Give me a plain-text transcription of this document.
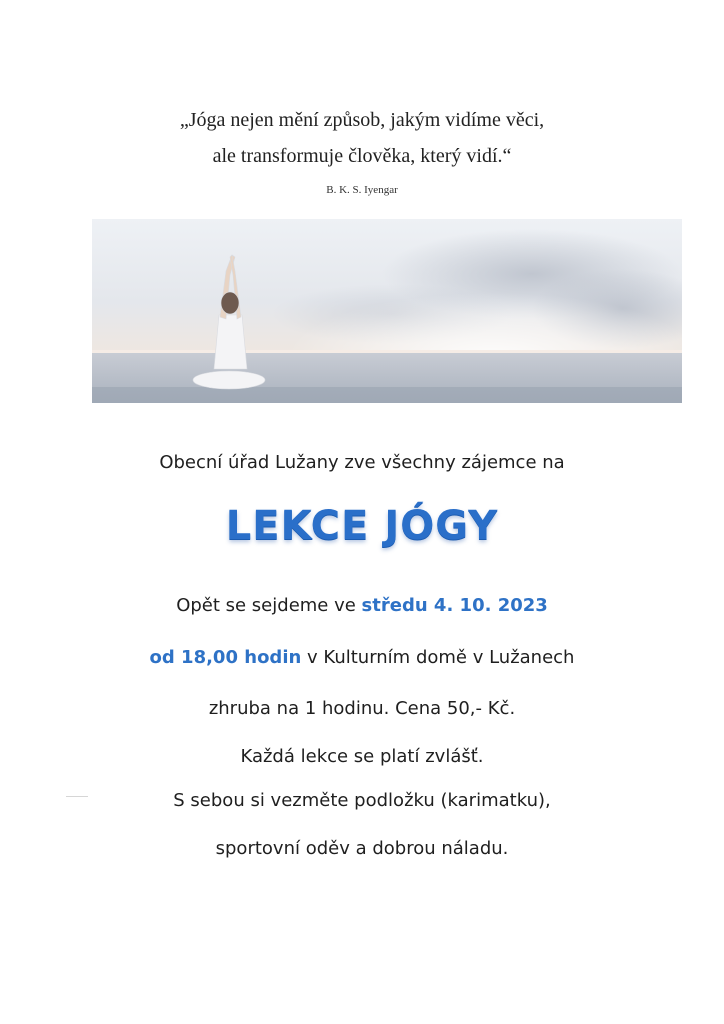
„Jóga nejen mění způsob, jakým vidíme věci,
ale transformuje člověka, který vidí.“
B. K. S. Iyengar
Obecní úřad Lužany zve všechny zájemce na
LEKCE JÓGY
Opět se sejdeme ve středu 4. 10. 2023
od 18,00 hodin v Kulturním domě v Lužanech
zhruba na 1 hodinu. Cena 50,- Kč.
Každá lekce se platí zvlášť.
S sebou si vezměte podložku (karimatku),
sportovní oděv a dobrou náladu.
